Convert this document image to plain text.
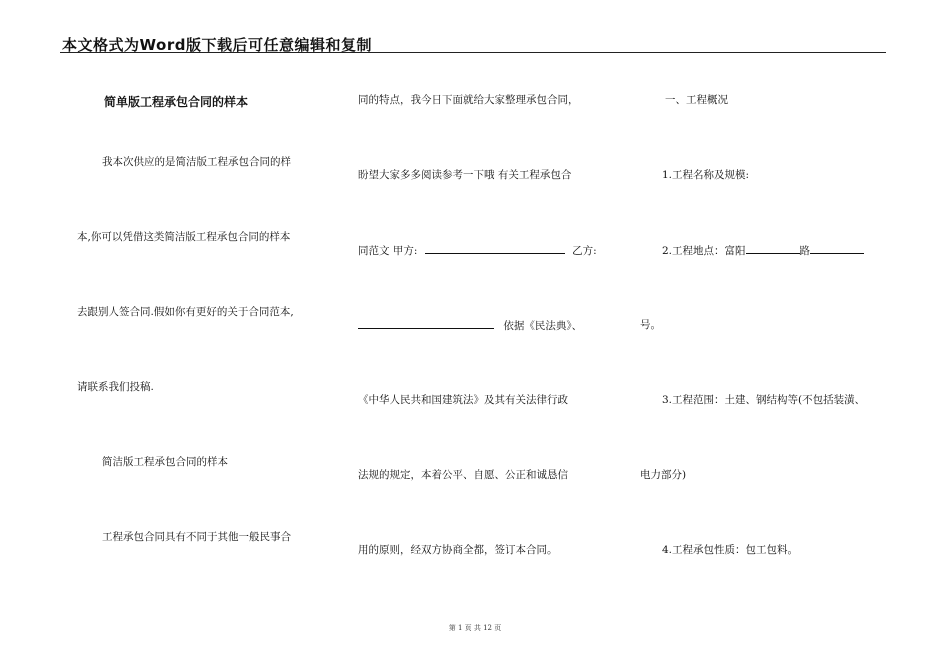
本文格式为Word版下载后可任意编辑和复制
简单版工程承包合同的样本
我本次供应的是简洁版工程承包合同的样
本,你可以凭借这类简洁版工程承包合同的样本
去跟别人签合同.假如你有更好的关于合同范本,
请联系我们投稿.
简洁版工程承包合同的样本
工程承包合同具有不同于其他一般民事合
同的特点，我今日下面就给大家整理承包合同，
盼望大家多多阅读参考一下哦 有关工程承包合
同范文 甲方:	乙方:
依据《民法典》、
《中华人民共和国建筑法》及其有关法律行政
法规的规定，本着公平、自愿、公正和诚恳信
用的原则，经双方协商全都，签订本合同。
一、工程概况
1.工程名称及规模:
2.工程地点：富阳	路
号。
3.工程范围：土建、钢结构等(不包括装潢、
电力部分)
4.工程承包性质：包工包料。
第 1 页 共 12 页
